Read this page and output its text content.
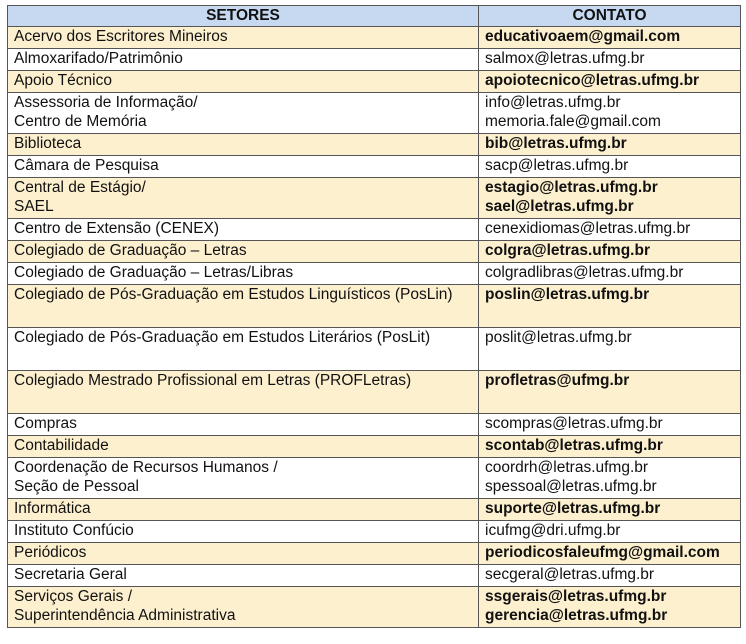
SETORES	CONTATO

Acervo dos Escritores Mineiros	educativoaem@gmail.com

Almoxarifado/Patrimônio	salmox@letras.ufmg.br

Apoio Técnico	apoiotecnico@letras.ufmg.br

Assessoria de Informação/
Centro de Memória	info@letras.ufmg.br
memoria.fale@gmail.com

Biblioteca	bib@letras.ufmg.br

Câmara de Pesquisa	sacp@letras.ufmg.br

Central de Estágio/
SAEL	estagio@letras.ufmg.br
sael@letras.ufmg.br

Centro de Extensão (CENEX)	cenexidiomas@letras.ufmg.br

Colegiado de Graduação – Letras	colgra@letras.ufmg.br

Colegiado de Graduação – Letras/Libras	colgradlibras@letras.ufmg.br

Colegiado de Pós-Graduação em Estudos Linguísticos (PosLin)	poslin@letras.ufmg.br

Colegiado de Pós-Graduação em Estudos Literários (PosLit)	poslit@letras.ufmg.br

Colegiado Mestrado Profissional em Letras (PROFLetras)	profletras@ufmg.br

Compras	scompras@letras.ufmg.br

Contabilidade	scontab@letras.ufmg.br

Coordenação de Recursos Humanos /
Seção de Pessoal	coordrh@letras.ufmg.br
spessoal@letras.ufmg.br

Informática	suporte@letras.ufmg.br

Instituto Confúcio	icufmg@dri.ufmg.br

Periódicos	periodicosfaleufmg@gmail.com

Secretaria Geral	secgeral@letras.ufmg.br

Serviços Gerais /
Superintendência Administrativa	ssgerais@letras.ufmg.br
gerencia@letras.ufmg.br
